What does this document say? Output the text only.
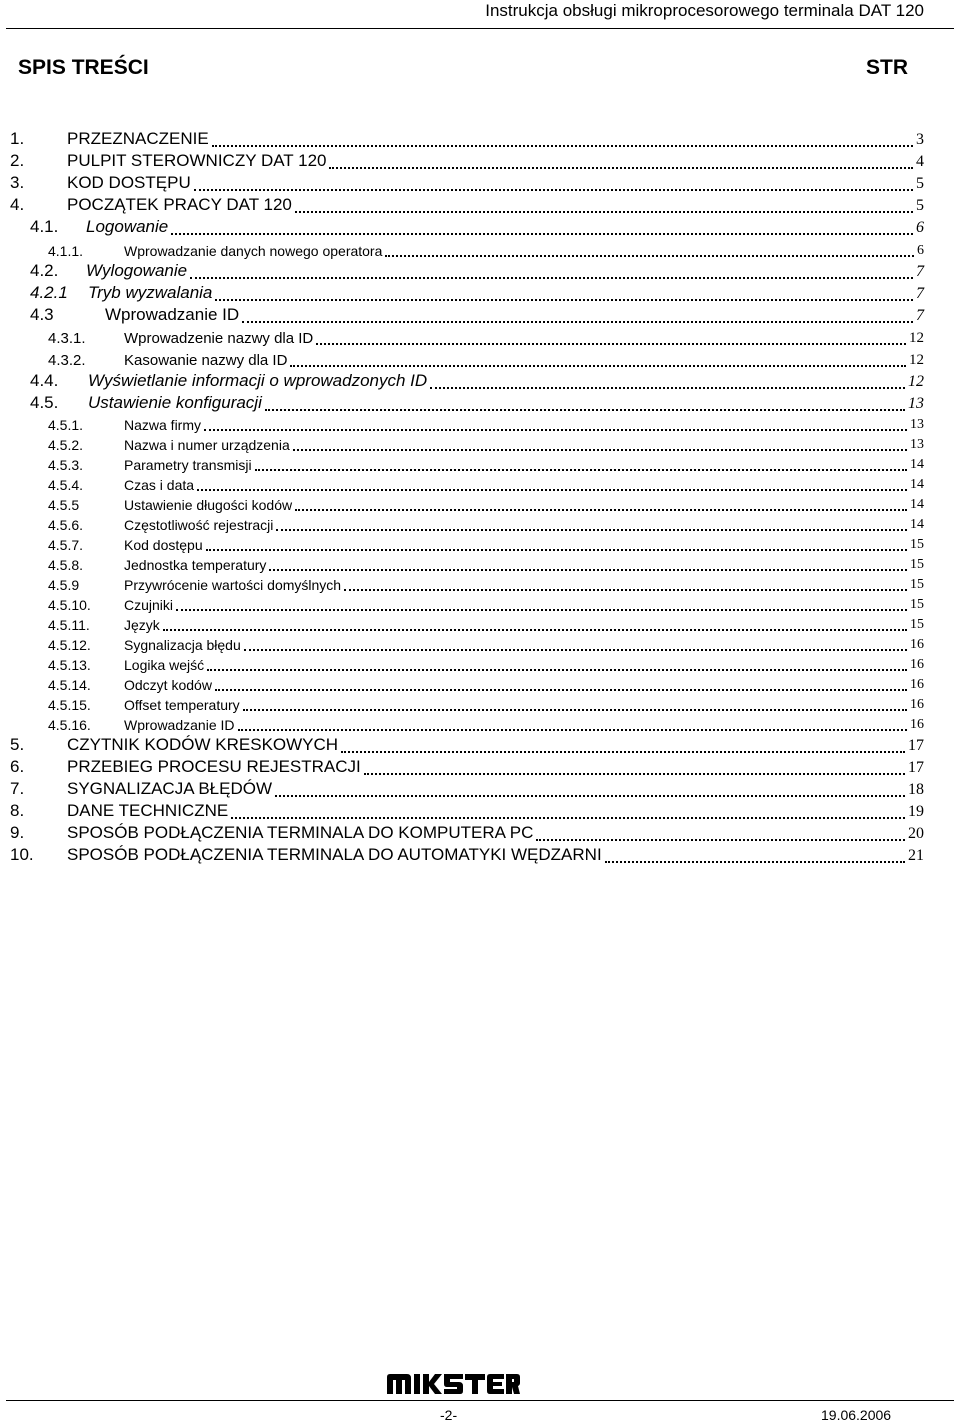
Instrukcja obsługi mikroprocesorowego terminala DAT 120
SPIS TREŚCI	STR
1.	PRZEZNACZENIE	3
2.	PULPIT STEROWNICZY DAT 120	4
3.	KOD DOSTĘPU	5
4.	POCZĄTEK PRACY DAT 120	5
4.1. Logowanie	6
4.1.1.	Wprowadzanie danych nowego operatora	6
4.2. Wylogowanie	7
4.2.1 Tryb wyzwalania	7
4.3	Wprowadzanie ID	7
4.3.1.	Wprowadzenie nazwy dla ID	12
4.3.2.	Kasowanie nazwy dla ID	12
4.4. Wyświetlanie informacji o wprowadzonych ID	12
4.5. Ustawienie konfiguracji	13
4.5.1.	Nazwa firmy	13
4.5.2.	Nazwa i numer urządzenia	13
4.5.3.	Parametry transmisji	14
4.5.4.	Czas i data	14
4.5.5	Ustawienie długości kodów	14
4.5.6.	Częstotliwość rejestracji	14
4.5.7.	Kod dostępu	15
4.5.8.	Jednostka temperatury	15
4.5.9	Przywrócenie wartości domyślnych	15
4.5.10. Czujniki	15
4.5.11. Język	15
4.5.12. Sygnalizacja błędu	16
4.5.13. Logika wejść	16
4.5.14. Odczyt kodów	16
4.5.15. Offset temperatury	16
4.5.16. Wprowadzanie ID	16
5.	CZYTNIK KODÓW KRESKOWYCH	17
6.	PRZEBIEG PROCESU REJESTRACJI	17
7.	SYGNALIZACJA BŁĘDÓW	18
8.	DANE TECHNICZNE	19
9.	SPOSÓB PODŁĄCZENIA TERMINALA DO KOMPUTERA PC	20
10. SPOSÓB PODŁĄCZENIA TERMINALA DO AUTOMATYKI WĘDZARNI	21
-2-	19.06.2006
